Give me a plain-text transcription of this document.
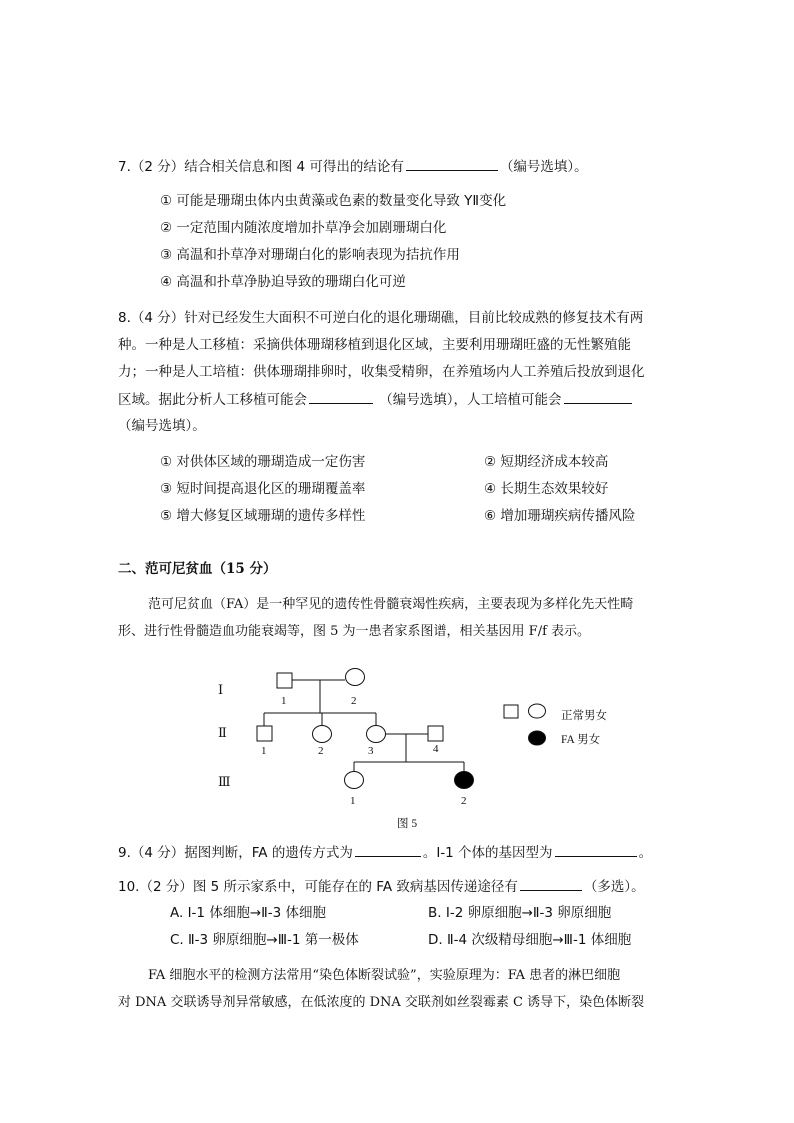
7.（2 分）结合相关信息和图 4 可得出的结论有	（编号选填）。
① 可能是珊瑚虫体内虫黄藻或色素的数量变化导致 YⅡ变化
② 一定范围内随浓度增加扑草净会加剧珊瑚白化
③ 高温和扑草净对珊瑚白化的影响表现为拮抗作用
④ 高温和扑草净胁迫导致的珊瑚白化可逆
8.（4 分）针对已经发生大面积不可逆白化的退化珊瑚礁，目前比较成熟的修复技术有两
种。一种是人工移植：采摘供体珊瑚移植到退化区域，主要利用珊瑚旺盛的无性繁殖能
力；一种是人工培植：供体珊瑚排卵时，收集受精卵，在养殖场内人工养殖后投放到退化
区域。据此分析人工移植可能会	（编号选填），人工培植可能会
（编号选填）。
① 对供体区域的珊瑚造成一定伤害
③ 短时间提高退化区的珊瑚覆盖率
⑤ 增大修复区域珊瑚的遗传多样性
② 短期经济成本较高
④ 长期生态效果较好
⑥ 增加珊瑚疾病传播风险
二、范可尼贫血（15 分）
范可尼贫血（FA）是一种罕见的遗传性骨髓衰竭性疾病，主要表现为多样化先天性畸
形、进行性骨髓造血功能衰竭等，图 5 为一患者家系图谱，相关基因用 F/f 表示。
Ⅰ
Ⅱ
Ⅲ
1	2
1	2	3	4
1	2
正常男女
FA 男女
图 5
9.（4 分）据图判断，FA 的遗传方式为	。Ⅰ-1 个体的基因型为	。
10.（2 分）图 5 所示家系中，可能存在的 FA 致病基因传递途径有	（多选）。
A. Ⅰ-1 体细胞→Ⅱ-3 体细胞	B. Ⅰ-2 卵原细胞→Ⅱ-3 卵原细胞
C. Ⅱ-3 卵原细胞→Ⅲ-1 第一极体	D. Ⅱ-4 次级精母细胞→Ⅲ-1 体细胞
FA 细胞水平的检测方法常用“染色体断裂试验”，实验原理为：FA 患者的淋巴细胞
对 DNA 交联诱导剂异常敏感，在低浓度的 DNA 交联剂如丝裂霉素 C 诱导下，染色体断裂
